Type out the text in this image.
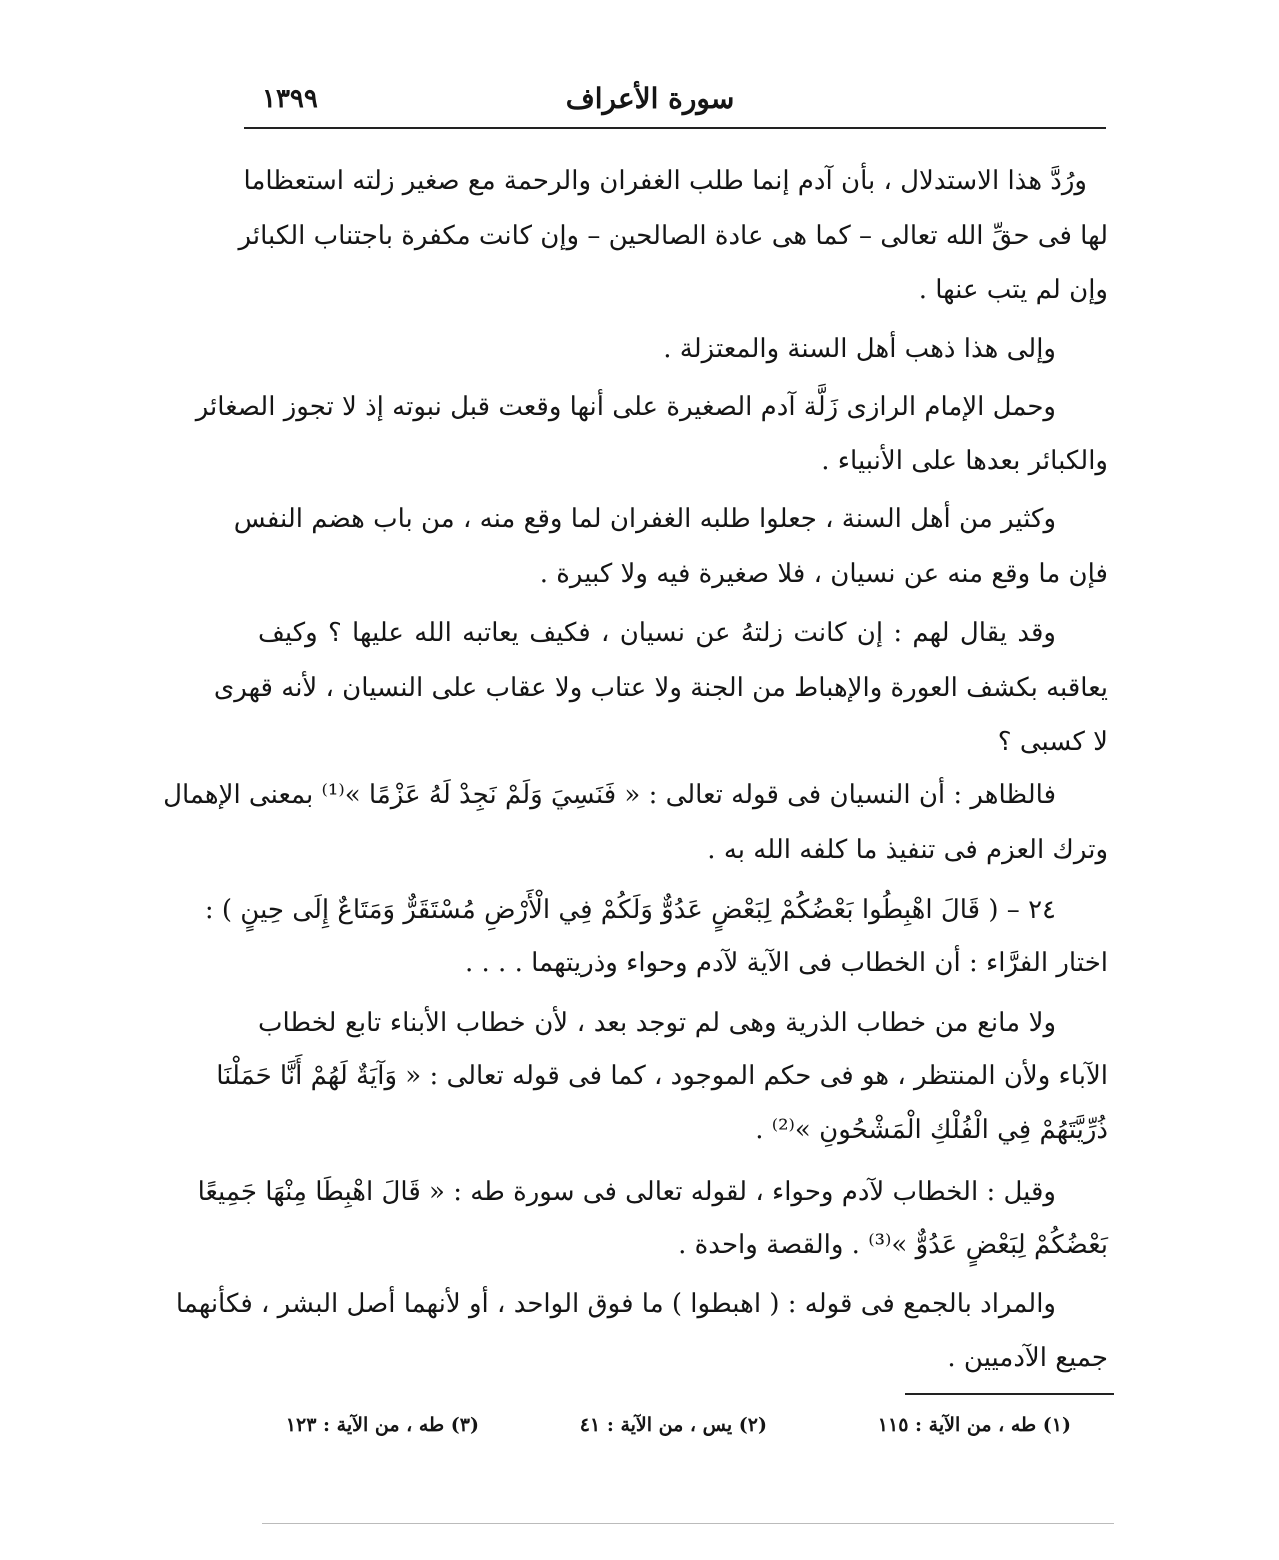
سورة الأعراف
١٣٩٩
ورُدَّ هذا الاستدلال ، بأن آدم إنما طلب الغفران والرحمة مع صغير زلته استعظاما
لها فى حقِّ الله تعالى – كما هى عادة الصالحين – وإن كانت مكفرة باجتناب الكبائر
وإن لم يتب عنها .
وإلى هذا ذهب أهل السنة والمعتزلة .
وحمل الإمام الرازى زَلَّة آدم الصغيرة على أنها وقعت قبل نبوته إذ لا تجوز الصغائر
والكبائر بعدها على الأنبياء .
وكثير من أهل السنة ، جعلوا طلبه الغفران لما وقع منه ، من باب هضم النفس
فإن ما وقع منه عن نسيان ، فلا صغيرة فيه ولا كبيرة .
وقد يقال لهم : إن كانت زلتهُ عن نسيان ، فكيف يعاتبه الله عليها ؟ وكيف
يعاقبه بكشف العورة والإهباط من الجنة ولا عتاب ولا عقاب على النسيان ، لأنه قهرى
لا كسبى ؟
فالظاهر : أن النسيان فى قوله تعالى : « فَنَسِيَ وَلَمْ نَجِدْ لَهُ عَزْمًا »⁽¹⁾ بمعنى الإهمال
وترك العزم فى تنفيذ ما كلفه الله به .
٢٤ – ( قَالَ اهْبِطُوا بَعْضُكُمْ لِبَعْضٍ عَدُوٌّ وَلَكُمْ فِي الْأَرْضِ مُسْتَقَرٌّ وَمَتَاعٌ إِلَى حِينٍ ) :
اختار الفرَّاء : أن الخطاب فى الآية لآدم وحواء وذريتهما . . . .
ولا مانع من خطاب الذرية وهى لم توجد بعد ، لأن خطاب الأبناء تابع لخطاب
الآباء ولأن المنتظر ، هو فى حكم الموجود ، كما فى قوله تعالى : « وَآيَةٌ لَهُمْ أَنَّا حَمَلْنَا
ذُرِّيَّتَهُمْ فِي الْفُلْكِ الْمَشْحُونِ »⁽²⁾ .
وقيل : الخطاب لآدم وحواء ، لقوله تعالى فى سورة طه : « قَالَ اهْبِطَا مِنْهَا جَمِيعًا
بَعْضُكُمْ لِبَعْضٍ عَدُوٌّ »⁽³⁾ . والقصة واحدة .
والمراد بالجمع فى قوله : ( اهبطوا ) ما فوق الواحد ، أو لأنهما أصل البشر ، فكأنهما
جميع الآدميين .
(١) طه ، من الآية : ١١٥
(٢) يس ، من الآية : ٤١
(٣) طه ، من الآية : ١٢٣
